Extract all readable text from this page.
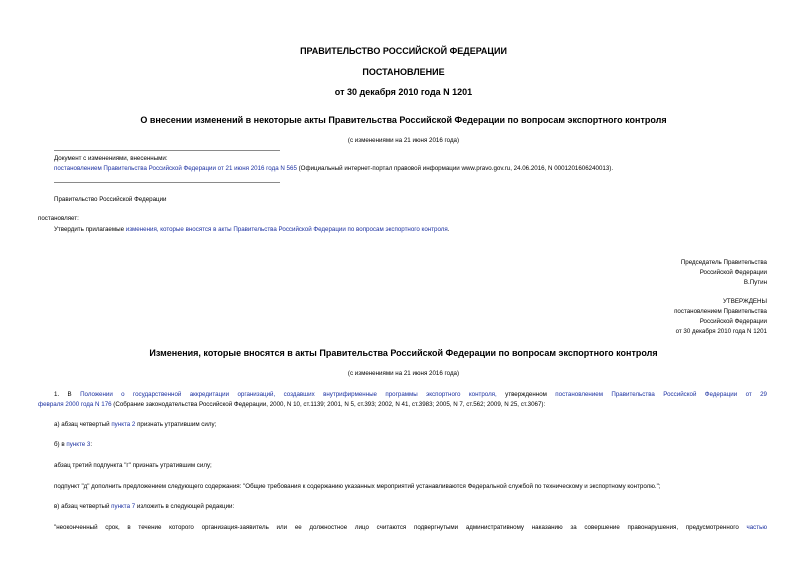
ПРАВИТЕЛЬСТВО РОССИЙСКОЙ ФЕДЕРАЦИИ
ПОСТАНОВЛЕНИЕ
от 30 декабря 2010 года N 1201
О внесении изменений в некоторые акты Правительства Российской Федерации по вопросам экспортного контроля
(с изменениями на 21 июня 2016 года)
Документ с изменениями, внесенными:
постановлением Правительства Российской Федерации от 21 июня 2016 года N 565 (Официальный интернет-портал правовой информации www.pravo.gov.ru, 24.06.2016, N 0001201606240013).
Правительство Российской Федерации
постановляет:
Утвердить прилагаемые изменения, которые вносятся в акты Правительства Российской Федерации по вопросам экспортного контроля.
Председатель Правительства
Российской Федерации
В.Путин
УТВЕРЖДЕНЫ
постановлением Правительства
Российской Федерации
от 30 декабря 2010 года N 1201
Изменения, которые вносятся в акты Правительства Российской Федерации по вопросам экспортного контроля
(с изменениями на 21 июня 2016 года)
1. В Положении о государственной аккредитации организаций, создавших внутрифирменные программы экспортного контроля, утвержденном постановлением Правительства Российской Федерации от 29
февраля 2000 года N 176 (Собрание законодательства Российской Федерации, 2000, N 10, ст.1139; 2001, N 5, ст.393; 2002, N 41, ст.3983; 2005, N 7, ст.562; 2009, N 25, ст.3067):
а) абзац четвертый пункта 2 признать утратившим силу;
б) в пункте 3:
абзац третий подпункта "г" признать утратившим силу;
подпункт "д" дополнить предложением следующего содержания: "Общие требования к содержанию указанных мероприятий устанавливаются Федеральной службой по техническому и экспортному контролю.";
в) абзац четвертый пункта 7 изложить в следующей редакции:
"неоконченный срок, в течение которого организация-заявитель или ее должностное лицо считаются подвергнутыми административному наказанию за совершение правонарушения, предусмотренного частью
